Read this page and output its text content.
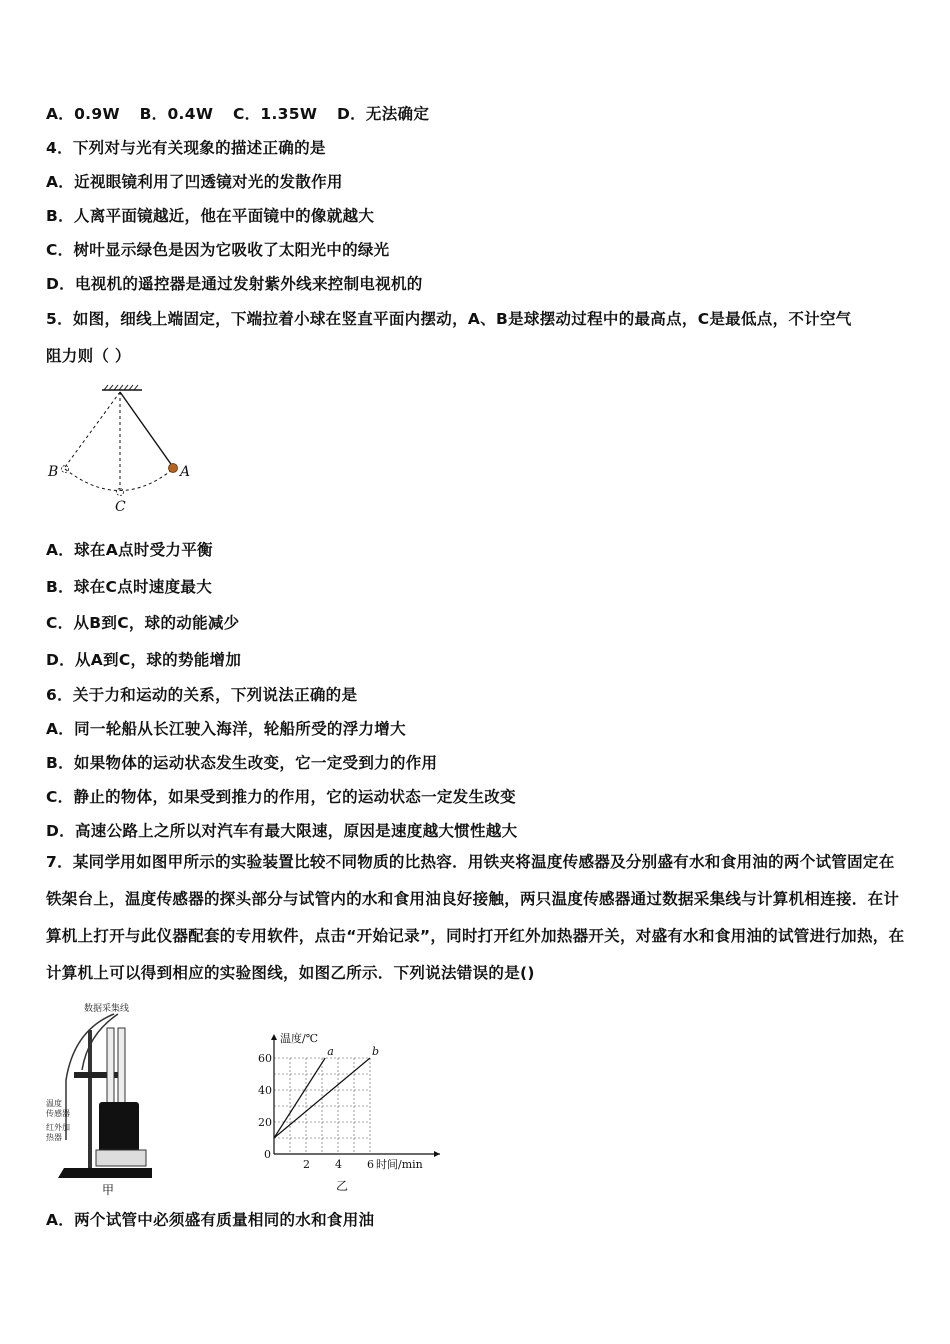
A．0.9W B．0.4W C．1.35W D．无法确定
4．下列对与光有关现象的描述正确的是
A．近视眼镜利用了凹透镜对光的发散作用
B．人离平面镜越近，他在平面镜中的像就越大
C．树叶显示绿色是因为它吸收了太阳光中的绿光
D．电视机的遥控器是通过发射紫外线来控制电视机的
5．如图，细线上端固定，下端拉着小球在竖直平面内摆动，A、B是球摆动过程中的最高点，C是最低点，不计空气
阻力则（ ）
A
B
C
A．球在A点时受力平衡
B．球在C点时速度最大
C．从B到C，球的动能减少
D．从A到C，球的势能增加
6．关于力和运动的关系，下列说法正确的是
A．同一轮船从长江驶入海洋，轮船所受的浮力增大
B．如果物体的运动状态发生改变，它一定受到力的作用
C．静止的物体，如果受到推力的作用，它的运动状态一定发生改变
D．高速公路上之所以对汽车有最大限速，原因是速度越大惯性越大
7．某同学用如图甲所示的实验装置比较不同物质的比热容．用铁夹将温度传感器及分别盛有水和食用油的两个试管固定在铁架台上，温度传感器的探头部分与试管内的水和食用油良好接触，两只温度传感器通过数据采集线与计算机相连接．在计算机上打开与此仪器配套的专用软件，点击“开始记录”，同时打开红外加热器开关，对盛有水和食用油的试管进行加热，在计算机上可以得到相应的实验图线，如图乙所示．下列说法错误的是()
数据采集线
温度
传感器
红外加
热器
甲
2 4 6
0
20
40
60
a	b
温度/℃
时间/min
乙
A．两个试管中必须盛有质量相同的水和食用油
